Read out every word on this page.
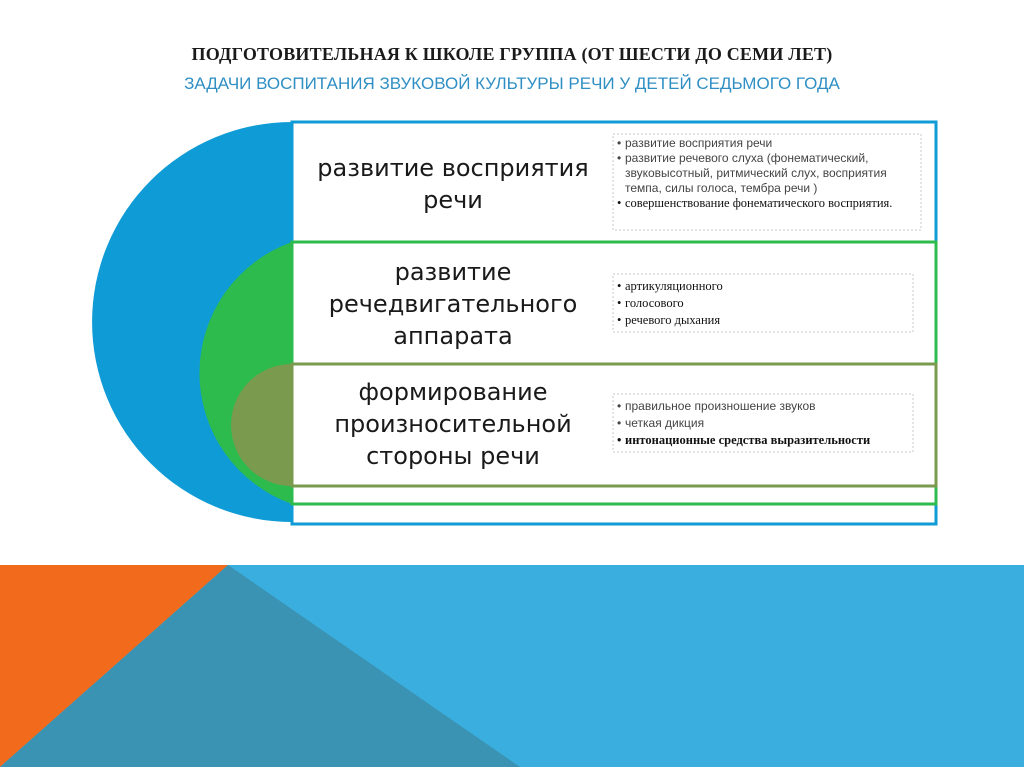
ПОДГОТОВИТЕЛЬНАЯ К ШКОЛЕ ГРУППА (ОТ ШЕСТИ ДО СЕМИ ЛЕТ)
ЗАДАЧИ ВОСПИТАНИЯ ЗВУКОВОЙ КУЛЬТУРЫ РЕЧИ У ДЕТЕЙ СЕДЬМОГО ГОДА
развитие восприятия
речи
• развитие восприятия речи
• развитие речевого слуха (фонематический, звуковысотный, ритмический слух, восприятия темпа, силы голоса, тембра речи )
• совершенствование фонематического восприятия.
развитие
речедвигательного
аппарата
• артикуляционного
• голосового
• речевого дыхания
формирование
произносительной
стороны речи
• правильное произношение звуков
• четкая дикция
• интонационные средства выразительности
